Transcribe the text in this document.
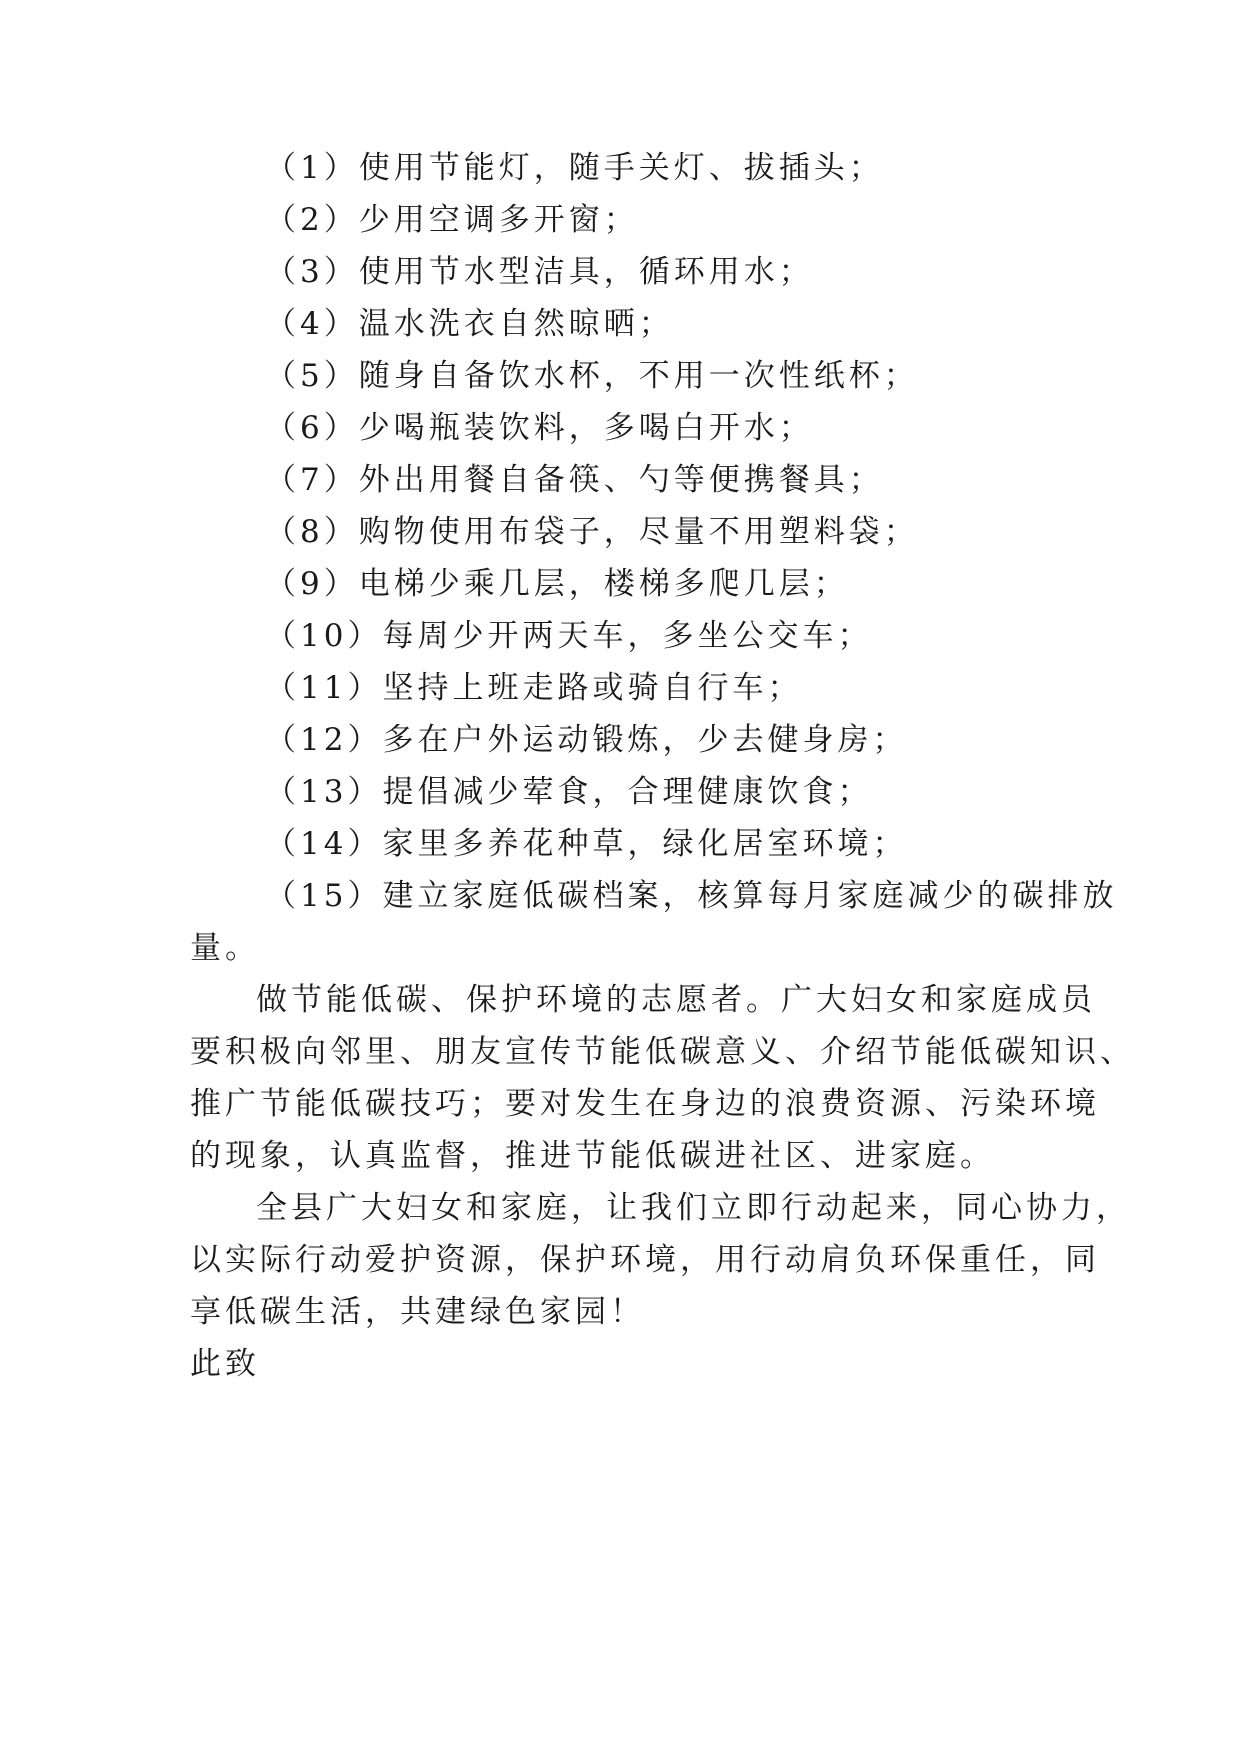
（1）使用节能灯，随手关灯、拔插头；
（2）少用空调多开窗；
（3）使用节水型洁具，循环用水；
（4）温水洗衣自然晾晒；
（5）随身自备饮水杯，不用一次性纸杯；
（6）少喝瓶装饮料，多喝白开水；
（7）外出用餐自备筷、勺等便携餐具；
（8）购物使用布袋子，尽量不用塑料袋；
（9）电梯少乘几层，楼梯多爬几层；
（10）每周少开两天车，多坐公交车；
（11）坚持上班走路或骑自行车；
（12）多在户外运动锻炼，少去健身房；
（13）提倡减少荤食，合理健康饮食；
（14）家里多养花种草，绿化居室环境；
（15）建立家庭低碳档案，核算每月家庭减少的碳排放
量。
做节能低碳、保护环境的志愿者。广大妇女和家庭成员
要积极向邻里、朋友宣传节能低碳意义、介绍节能低碳知识、
推广节能低碳技巧；要对发生在身边的浪费资源、污染环境
的现象，认真监督，推进节能低碳进社区、进家庭。
全县广大妇女和家庭，让我们立即行动起来，同心协力，
以实际行动爱护资源，保护环境，用行动肩负环保重任，同
享低碳生活，共建绿色家园！
此致
